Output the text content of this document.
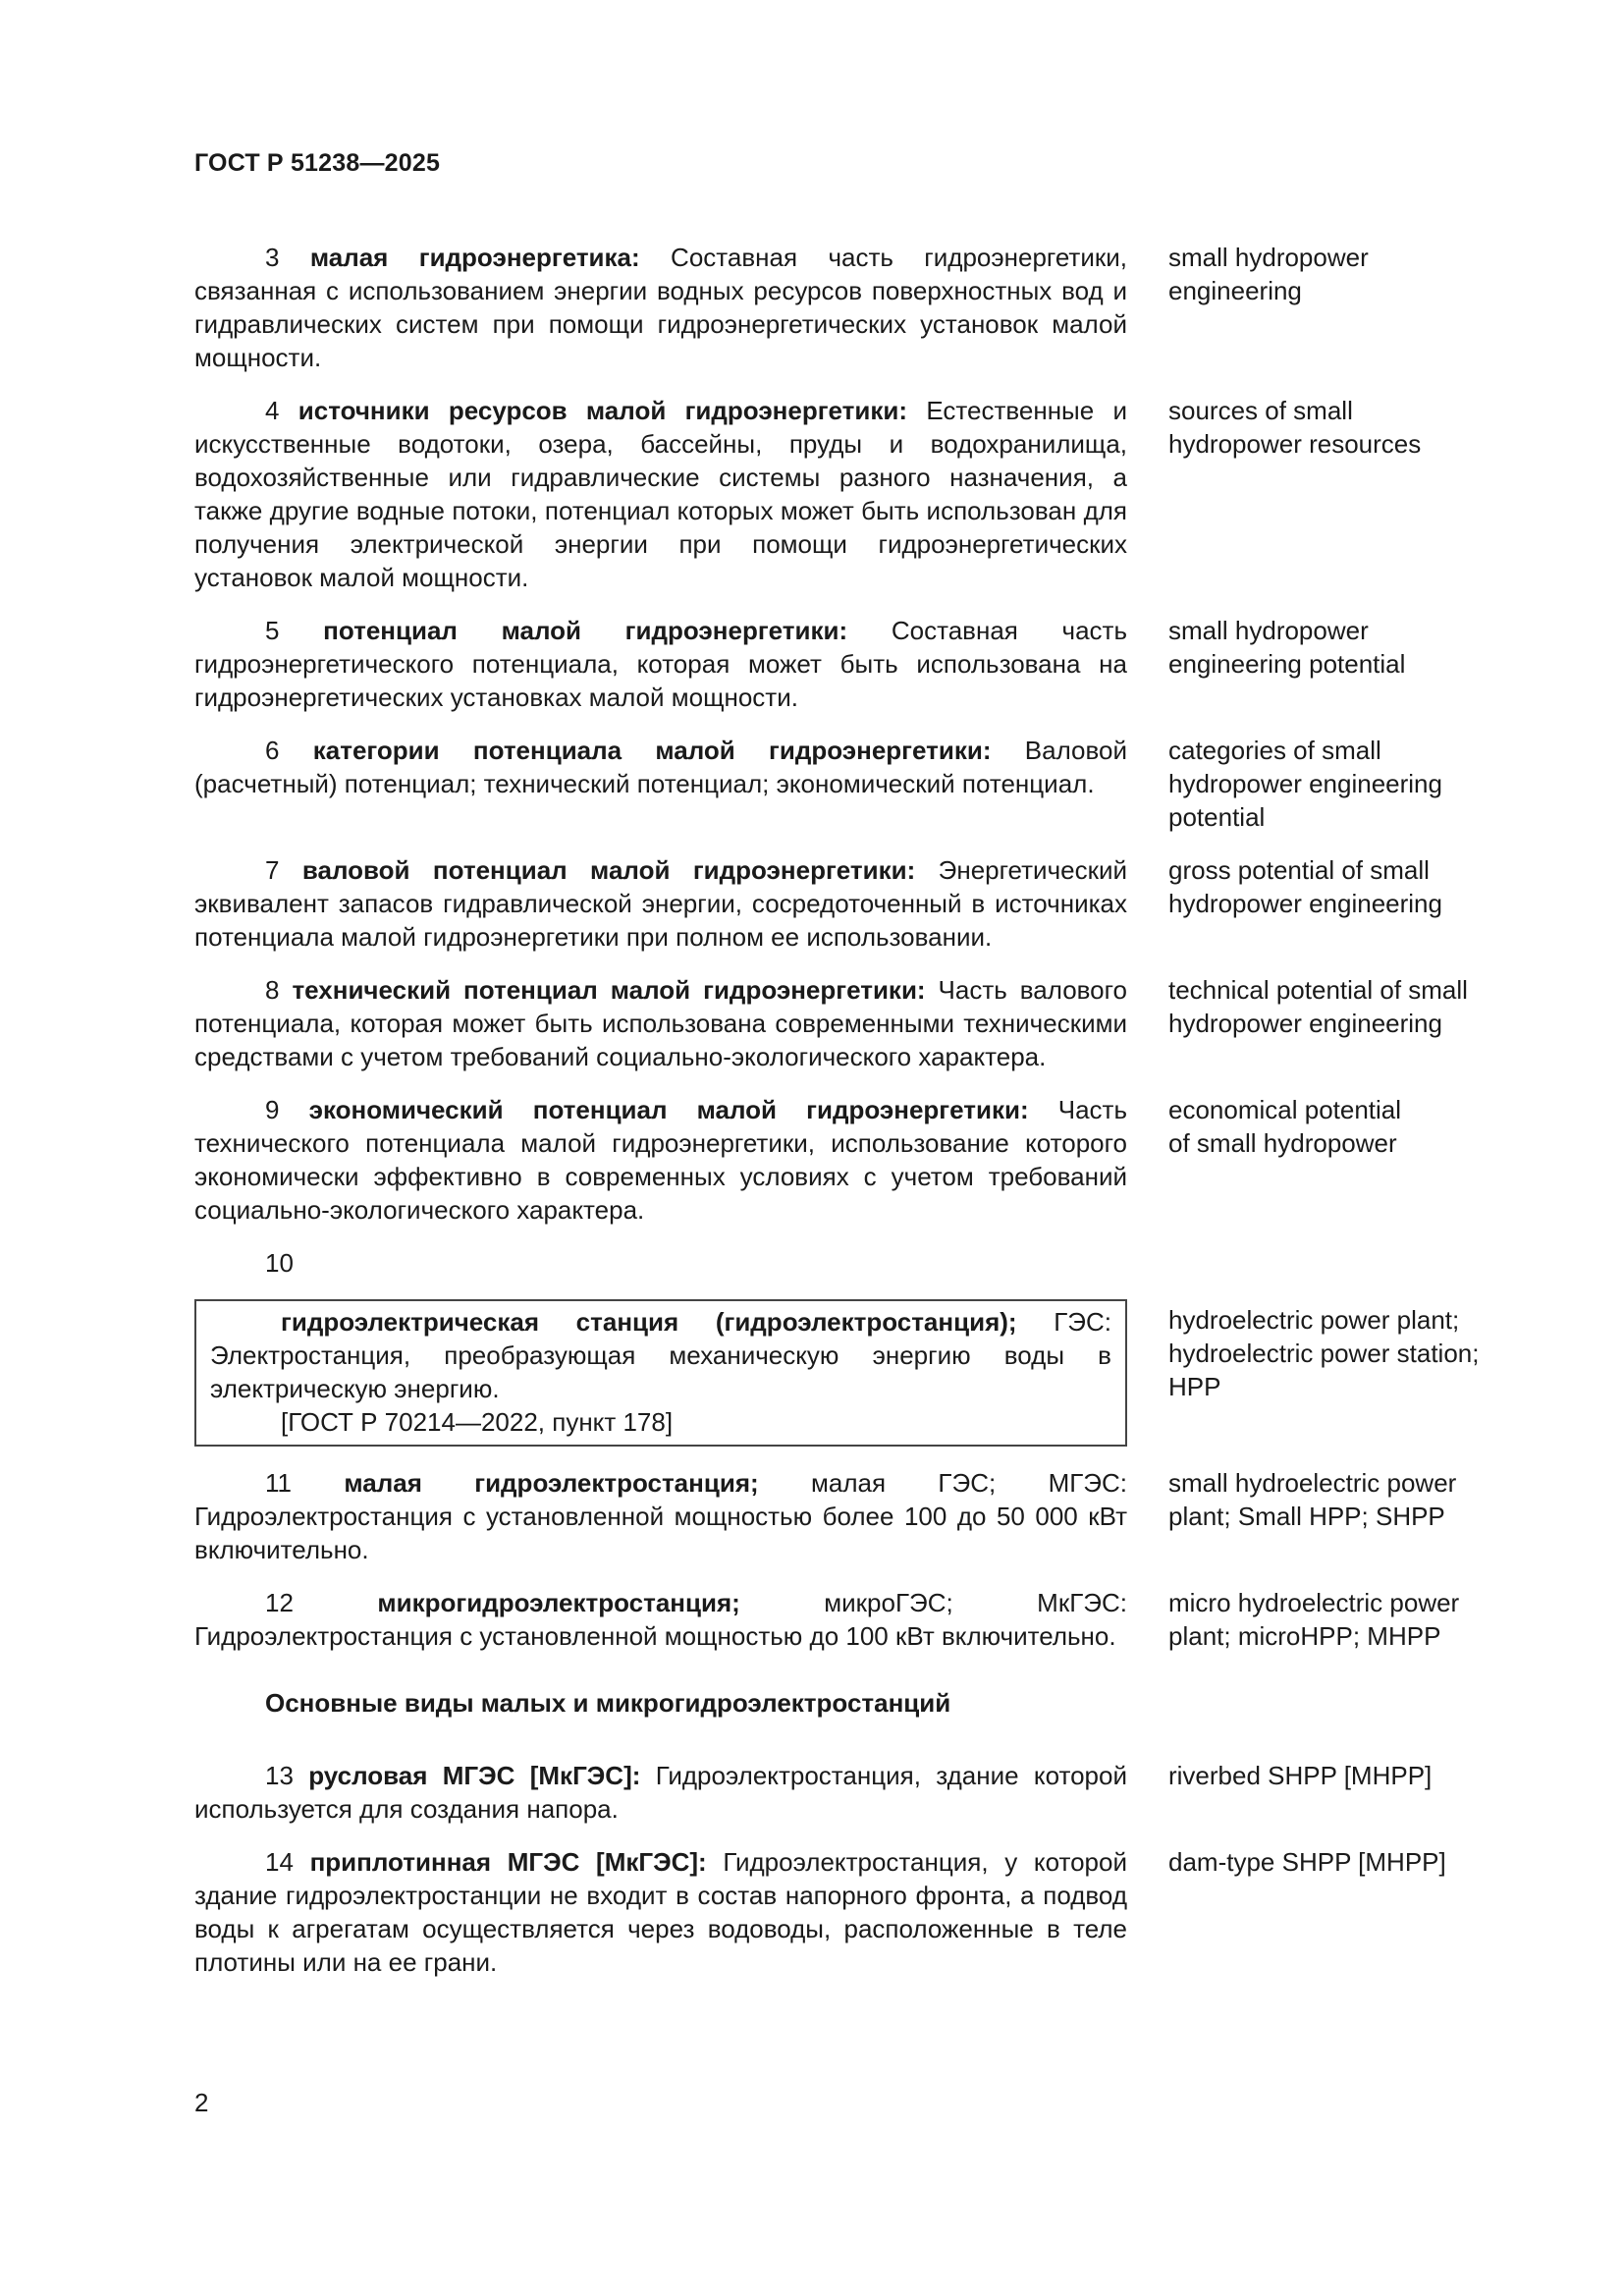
ГОСТ Р 51238—2025
3 малая гидроэнергетика: Составная часть гидроэнергетики, связанная с использованием энергии водных ресурсов поверхностных вод и гидравлических систем при помощи гидроэнергетических установок малой мощности.
small hydropower
engineering
4 источники ресурсов малой гидроэнергетики: Естественные и искусственные водотоки, озера, бассейны, пруды и водохранилища, водохозяйственные или гидравлические системы разного назначения, а также другие водные потоки, потенциал которых может быть использован для получения электрической энергии при помощи гидроэнергетических установок малой мощности.
sources of small
hydropower resources
5 потенциал малой гидроэнергетики: Составная часть гидроэнергетического потенциала, которая может быть использована на гидроэнергетических установках малой мощности.
small hydropower
engineering potential
6 категории потенциала малой гидроэнергетики: Валовой (расчетный) потенциал; технический потенциал; экономический потенциал.
categories of small
hydropower engineering
potential
7 валовой потенциал малой гидроэнергетики: Энергетический эквивалент запасов гидравлической энергии, сосредоточенный в источниках потенциала малой гидроэнергетики при полном ее использовании.
gross potential of small
hydropower engineering
8 технический потенциал малой гидроэнергетики: Часть валового потенциала, которая может быть использована современными техническими средствами с учетом требований социально-экологического характера.
technical potential of small
hydropower engineering
9 экономический потенциал малой гидроэнергетики: Часть технического потенциала малой гидроэнергетики, использование которого экономически эффективно в современных условиях с учетом требований социально-экологического характера.
economical potential
of small hydropower
10
гидроэлектрическая станция (гидроэлектростанция); ГЭС: Электростанция, преобразующая механическую энергию воды в электрическую энергию.
[ГОСТ Р 70214—2022, пункт 178]
hydroelectric power plant;
hydroelectric power station;
HPP
11 малая гидроэлектростанция; малая ГЭС; МГЭС: Гидроэлектростанция с установленной мощностью более 100 до 50 000 кВт включительно.
small hydroelectric power
plant; Small HPP; SHPP
12	микрогидроэлектростанция; микроГЭС; МкГЭС: Гидроэлектростанция с установленной мощностью до 100 кВт включительно.
micro hydroelectric power
plant; microHPP; MHPP
Основные виды малых и микрогидроэлектростанций
13 русловая МГЭС [МкГЭС]: Гидроэлектростанция, здание которой используется для создания напора.
riverbed SHPP [MHPP]
14 приплотинная МГЭС [МкГЭС]: Гидроэлектростанция, у которой здание гидроэлектростанции не входит в состав напорного фронта, а подвод воды к агрегатам осуществляется через водоводы, расположенные в теле плотины или на ее грани.
dam-type SHPP [MHPP]
2
